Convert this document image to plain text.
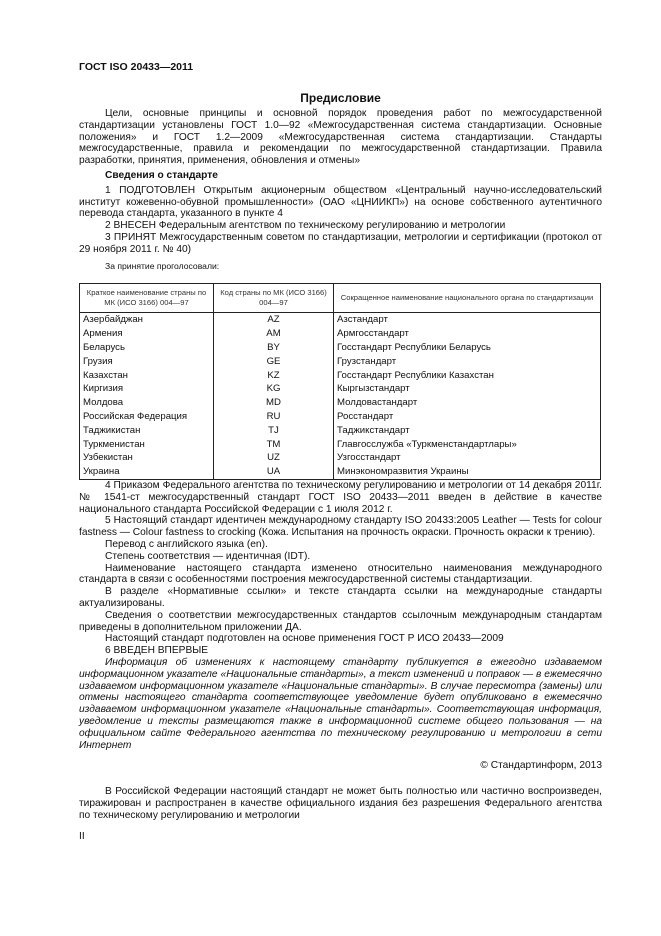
ГОСТ ISO 20433—2011
Предисловие

Цели, основные принципы и основной порядок проведения работ по межгосударственной стандартизации установлены ГОСТ 1.0—92 «Межгосударственная система стандартизации. Основные положения» и ГОСТ 1.2—2009 «Межгосударственная система стандартизации. Стандарты межгосударственные, правила и рекомендации по межгосударственной стандартизации. Правила разработки, принятия, применения, обновления и отмены»

Сведения о стандарте

1 ПОДГОТОВЛЕН Открытым акционерным обществом «Центральный научно-исследовательский институт кожевенно-обувной промышленности» (ОАО «ЦНИИКП») на основе собственного аутентичного перевода стандарта, указанного в пункте 4

2 ВНЕСЕН Федеральным агентством по техническому регулированию и метрологии

3 ПРИНЯТ Межгосударственным советом по стандартизации, метрологии и сертификации (протокол от 29 ноября 2011 г. № 40)

За принятие проголосовали:

Краткое наименование страны по МК (ИСО 3166) 004—97	Код страны по МК (ИСО 3166) 004—97	Сокращенное наименование национального органа по стандартизации
Азербайджан	AZ	Азстандарт
Армения	AM	Армгосстандарт
Беларусь	BY	Госстандарт Республики Беларусь
Грузия	GE	Грузстандарт
Казахстан	KZ	Госстандарт Республики Казахстан
Киргизия	KG	Кыргызстандарт
Молдова	MD	Молдовастандарт
Российская Федерация	RU	Росстандарт
Таджикистан	TJ	Таджикстандарт
Туркменистан	TM	Главгосслужба «Туркменстандартлары»
Узбекистан	UZ	Узгосстандарт
Украина	UA	Минэкономразвития Украины

4 Приказом Федерального агентства по техническому регулированию и метрологии от 14 декабря 2011г. № 1541-ст межгосударственный стандарт ГОСТ ISO 20433—2011 введен в действие в качестве национального стандарта Российской Федерации с 1 июля 2012 г.

5 Настоящий стандарт идентичен международному стандарту ISO 20433:2005 Leather — Tests for colour fastness — Colour fastness to crocking (Кожа. Испытания на прочность окраски. Прочность окраски к трению).

Перевод с английского языка (en).

Степень соответствия — идентичная (IDT).

Наименование настоящего стандарта изменено относительно наименования международного стандарта в связи с особенностями построения межгосударственной системы стандартизации.

В разделе «Нормативные ссылки» и тексте стандарта ссылки на международные стандарты актуализированы.

Сведения о соответствии межгосударственных стандартов ссылочным международным стандартам приведены в дополнительном приложении ДА.

Настоящий стандарт подготовлен на основе применения ГОСТ Р ИСО 20433—2009

6 ВВЕДЕН ВПЕРВЫЕ

Информация об изменениях к настоящему стандарту публикуется в ежегодно издаваемом информационном указателе «Национальные стандарты», а текст изменений и поправок — в ежемесячно издаваемом информационном указателе «Национальные стандарты». В случае пересмотра (замены) или отмены настоящего стандарта соответствующее уведомление будет опубликовано в ежемесячно издаваемом информационном указателе «Национальные стандарты». Соответствующая информация, уведомление и тексты размещаются также в информационной системе общего пользования — на официальном сайте Федерального агентства по техническому регулированию и метрологии в сети Интернет

© Стандартинформ, 2013

В Российской Федерации настоящий стандарт не может быть полностью или частично воспроизведен, тиражирован и распространен в качестве официального издания без разрешения Федерального агентства по техническому регулированию и метрологии

II
